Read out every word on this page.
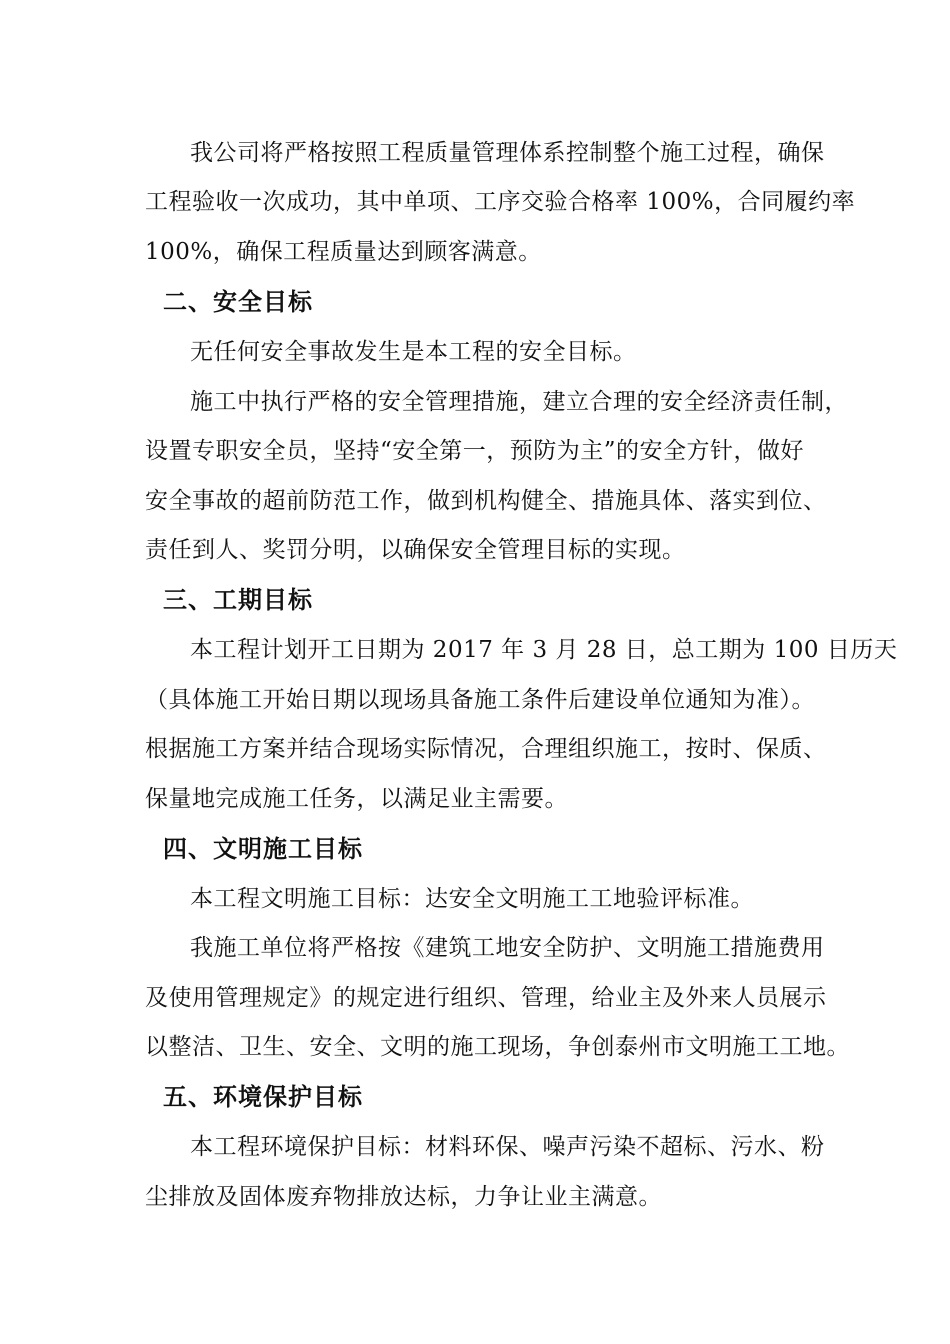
我公司将严格按照工程质量管理体系控制整个施工过程，确保
工程验收一次成功，其中单项、工序交验合格率 100%，合同履约率
100%，确保工程质量达到顾客满意。
二、安全目标
无任何安全事故发生是本工程的安全目标。
施工中执行严格的安全管理措施，建立合理的安全经济责任制，
设置专职安全员，坚持“安全第一，预防为主”的安全方针，做好
安全事故的超前防范工作，做到机构健全、措施具体、落实到位、
责任到人、奖罚分明，以确保安全管理目标的实现。
三、工期目标
本工程计划开工日期为 2017 年 3 月 28 日，总工期为 100 日历天
（具体施工开始日期以现场具备施工条件后建设单位通知为准）。
根据施工方案并结合现场实际情况，合理组织施工，按时、保质、
保量地完成施工任务，以满足业主需要。
四、文明施工目标
本工程文明施工目标：达安全文明施工工地验评标准。
我施工单位将严格按《建筑工地安全防护、文明施工措施费用
及使用管理规定》的规定进行组织、管理，给业主及外来人员展示
以整洁、卫生、安全、文明的施工现场，争创泰州市文明施工工地。
五、环境保护目标
本工程环境保护目标：材料环保、噪声污染不超标、污水、粉
尘排放及固体废弃物排放达标，力争让业主满意。
